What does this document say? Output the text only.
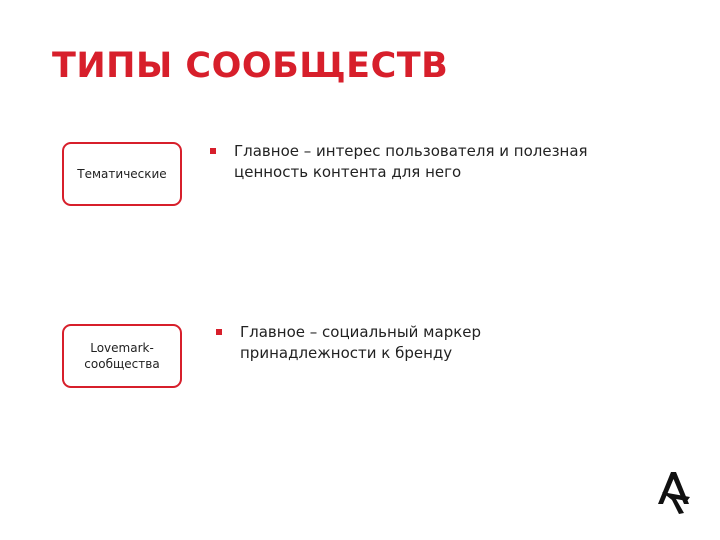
ТИПЫ СООБЩЕСТВ
Тематические
Главное – интерес пользователя и полезная ценность контента для него
Lovemark-сообщества
Главное – социальный маркер принадлежности к бренду
